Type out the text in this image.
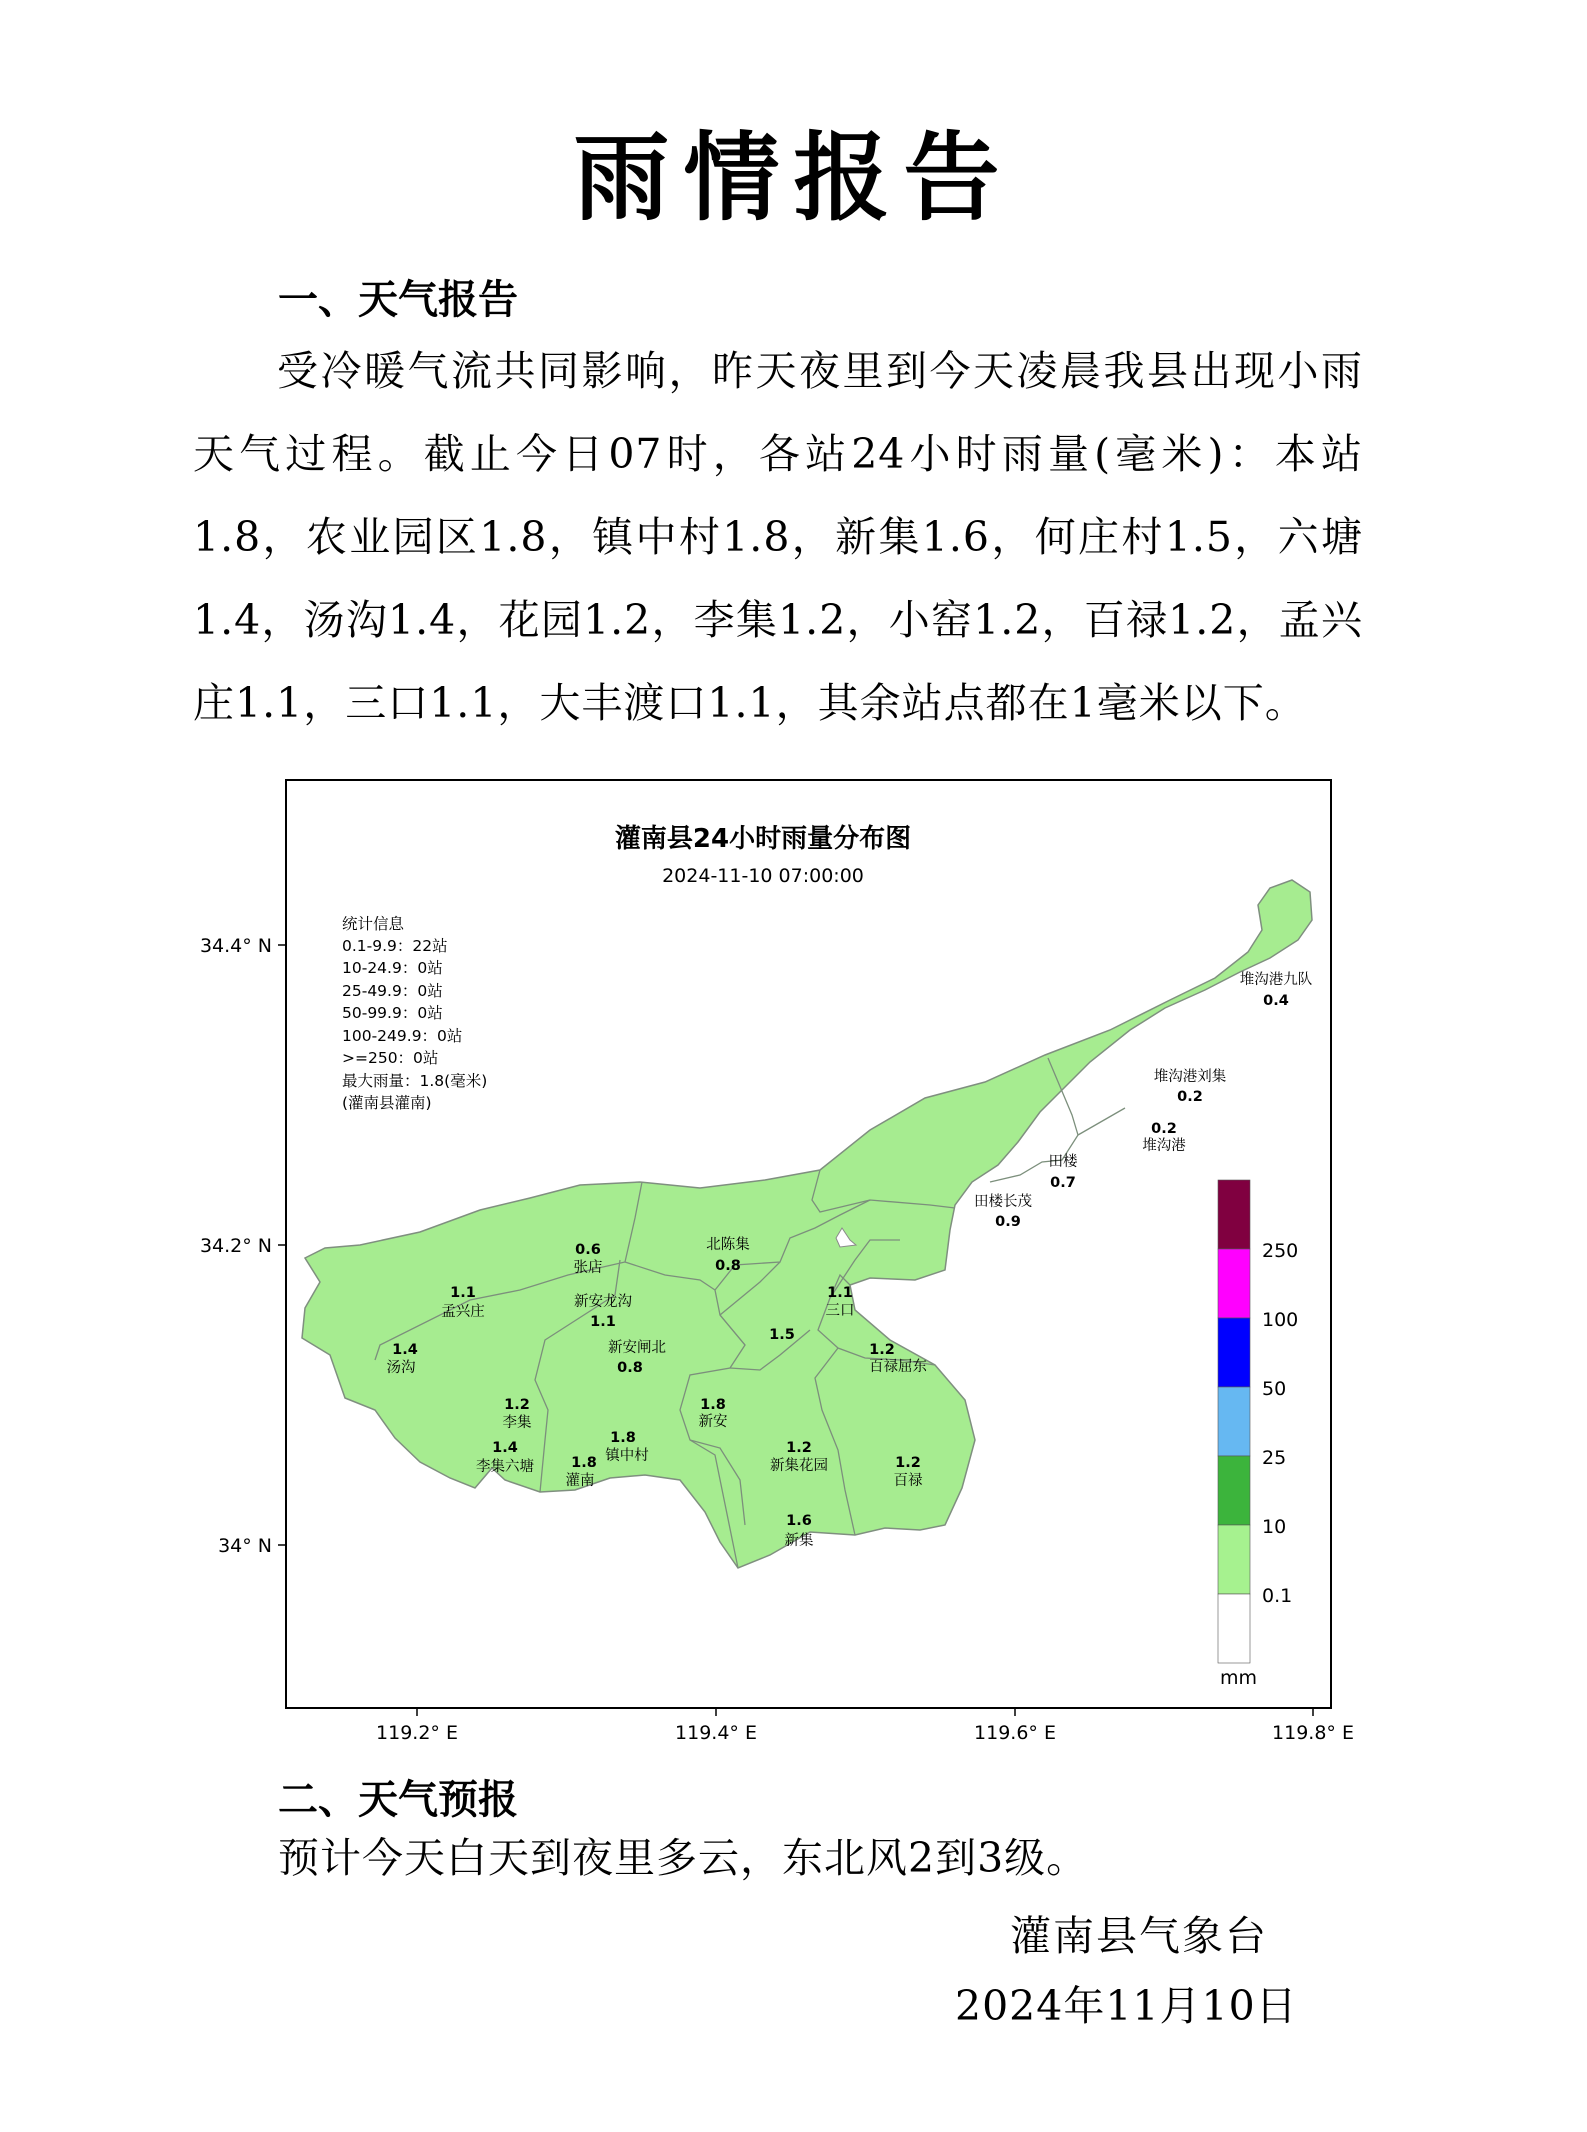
雨情报告
一、天气报告
受冷暖气流共同影响，昨天夜里到今天凌晨我县出现小雨天气过程。截止今日07时，各站24小时雨量(毫米)：本站1.8，农业园区1.8，镇中村1.8，新集1.6，何庄村1.5，六塘1.4，汤沟1.4，花园1.2，李集1.2，小窑1.2，百禄1.2，孟兴庄1.1，三口1.1，大丰渡口1.1，其余站点都在1毫米以下。
灌南县24小时雨量分布图
2024-11-10 07:00:00
统计信息
0.1-9.9：22站
10-24.9：0站
25-49.9：0站
50-99.9：0站
100-249.9：0站
>=250：0站
最大雨量：1.8(毫米)
(灌南县灌南)
34.4° N
34.2° N
34° N
119.2° E	119.4° E	119.6° E	119.8° E
250
100
50
25
10
0.1
mm
堆沟港九队
0.4
堆沟港刘集
0.2
0.2
堆沟港
田楼
0.7
田楼长茂
0.9
0.6
张店
北陈集
0.8
1.1
孟兴庄
新安龙沟
1.1
1.1
三口
1.5
1.4
汤沟
新安闸北
0.8
1.2
百禄屈东
1.2
李集
1.8
新安
1.4
李集六塘
1.8
镇中村
1.8
灌南
1.2
新集花园	1.2
百禄
1.6
新集
二、天气预报
预计今天白天到夜里多云，东北风2到3级。
灌南县气象台
2024年11月10日
